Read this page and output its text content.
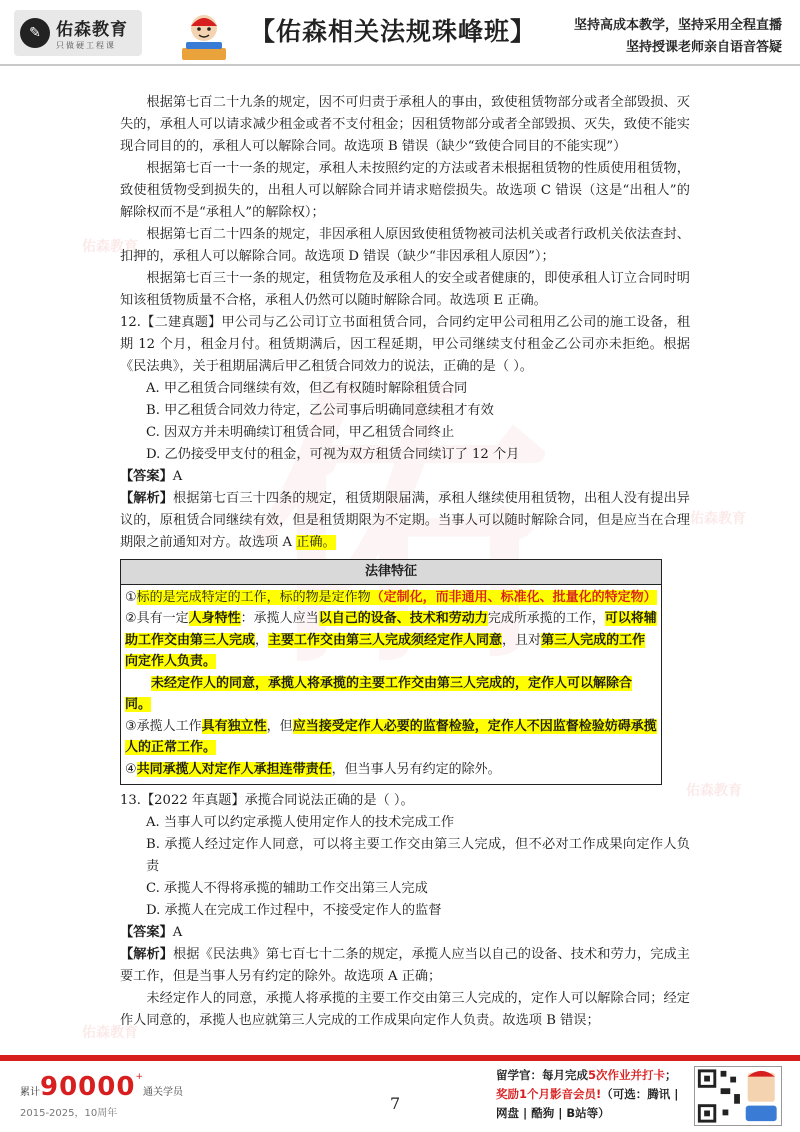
佑森教育
佑森教育
佑森教育
佑森教育
✎ 佑森教育
只做硬工程课	【佑森相关法规珠峰班】	坚持高成本教学，坚持采用全程直播
坚持授课老师亲自语音答疑

根据第七百二十九条的规定，因不可归责于承租人的事由，致使租赁物部分或者全部毁损、灭失的，承租人可以请求减少租金或者不支付租金；因租赁物部分或者全部毁损、灭失，致使不能实现合同目的的，承租人可以解除合同。故选项 B 错误（缺少“致使合同目的不能实现”）

根据第七百一十一条的规定，承租人未按照约定的方法或者未根据租赁物的性质使用租赁物，致使租赁物受到损失的，出租人可以解除合同并请求赔偿损失。故选项 C 错误（这是“出租人”的解除权而不是“承租人”的解除权）；

根据第七百二十四条的规定，非因承租人原因致使租赁物被司法机关或者行政机关依法查封、扣押的，承租人可以解除合同。故选项 D 错误（缺少“非因承租人原因”）；

根据第七百三十一条的规定，租赁物危及承租人的安全或者健康的，即使承租人订立合同时明知该租赁物质量不合格，承租人仍然可以随时解除合同。故选项 E 正确。

12.【二建真题】甲公司与乙公司订立书面租赁合同，合同约定甲公司租用乙公司的施工设备，租期 12 个月，租金月付。租赁期满后，因工程延期，甲公司继续支付租金乙公司亦未拒绝。根据《民法典》，关于租期届满后甲乙租赁合同效力的说法，正确的是（ ）。

A. 甲乙租赁合同继续有效，但乙有权随时解除租赁合同

B. 甲乙租赁合同效力待定，乙公司事后明确同意续租才有效

C. 因双方并未明确续订租赁合同，甲乙租赁合同终止

D. 乙仍接受甲支付的租金，可视为双方租赁合同续订了 12 个月

【答案】A

【解析】根据第七百三十四条的规定，租赁期限届满，承租人继续使用租赁物，出租人没有提出异议的，原租赁合同继续有效，但是租赁期限为不定期。当事人可以随时解除合同，但是应当在合理期限之前通知对方。故选项 A 正确。

法律特征

①标的是完成特定的工作，标的物是定作物（定制化，而非通用、标准化、批量化的特定物）

②具有一定人身特性：承揽人应当以自己的设备、技术和劳动力完成所承揽的工作，可以将辅助工作交由第三人完成，主要工作交由第三人完成须经定作人同意，且对第三人完成的工作向定作人负责。

未经定作人的同意，承揽人将承揽的主要工作交由第三人完成的，定作人可以解除合同。

③承揽人工作具有独立性，但应当接受定作人必要的监督检验，定作人不因监督检验妨碍承揽人的正常工作。

④共同承揽人对定作人承担连带责任，但当事人另有约定的除外。

13.【2022 年真题】承揽合同说法正确的是（ ）。

A. 当事人可以约定承揽人使用定作人的技术完成工作

B. 承揽人经过定作人同意，可以将主要工作交由第三人完成，但不必对工作成果向定作人负责

C. 承揽人不得将承揽的辅助工作交出第三人完成

D. 承揽人在完成工作过程中，不接受定作人的监督

【答案】A

【解析】根据《民法典》第七百七十二条的规定，承揽人应当以自己的设备、技术和劳力，完成主要工作，但是当事人另有约定的除外。故选项 A 正确；

未经定作人的同意，承揽人将承揽的主要工作交由第三人完成的，定作人可以解除合同；经定作人同意的，承揽人也应就第三人完成的工作成果向定作人负责。故选项 B 错误；

累计90000+通关学员
2015-2025，10周年
7
留学官：每月完成5次作业并打卡；
奖励1个月影音会员!（可选：腾讯 |
网盘 | 酷狗 | B站等）
